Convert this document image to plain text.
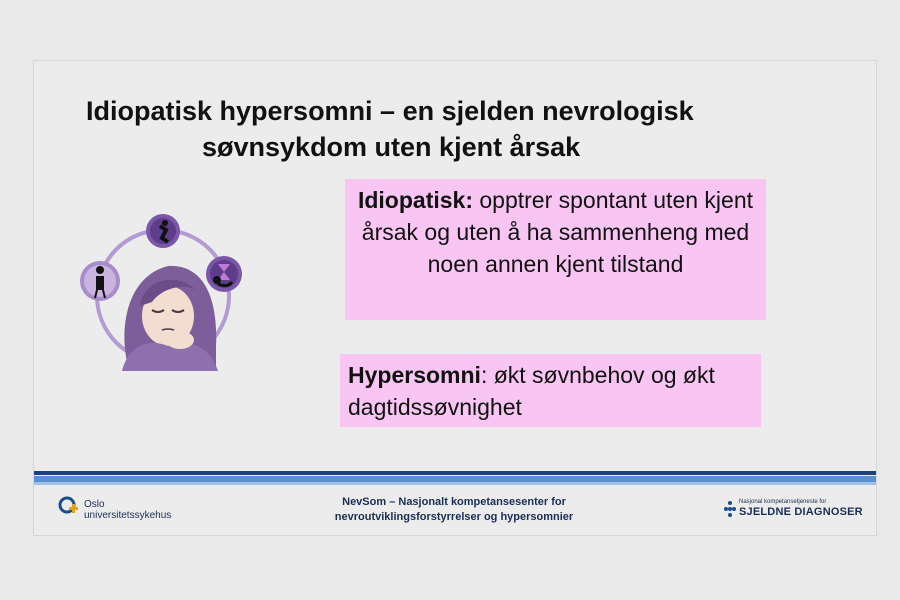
Idiopatisk hypersomni – en sjelden nevrologisk
søvnsykdom uten kjent årsak
Idiopatisk: opptrer spontant uten kjent årsak og uten å ha sammenheng med noen annen kjent tilstand
Hypersomni: økt søvnbehov og økt dagtidssøvnighet
Oslo
universitetssykehus
NevSom – Nasjonalt kompetansesenter for
nevroutviklingsforstyrrelser og hypersomnier
Nasjonal kompetansetjeneste for
SJELDNE DIAGNOSER
